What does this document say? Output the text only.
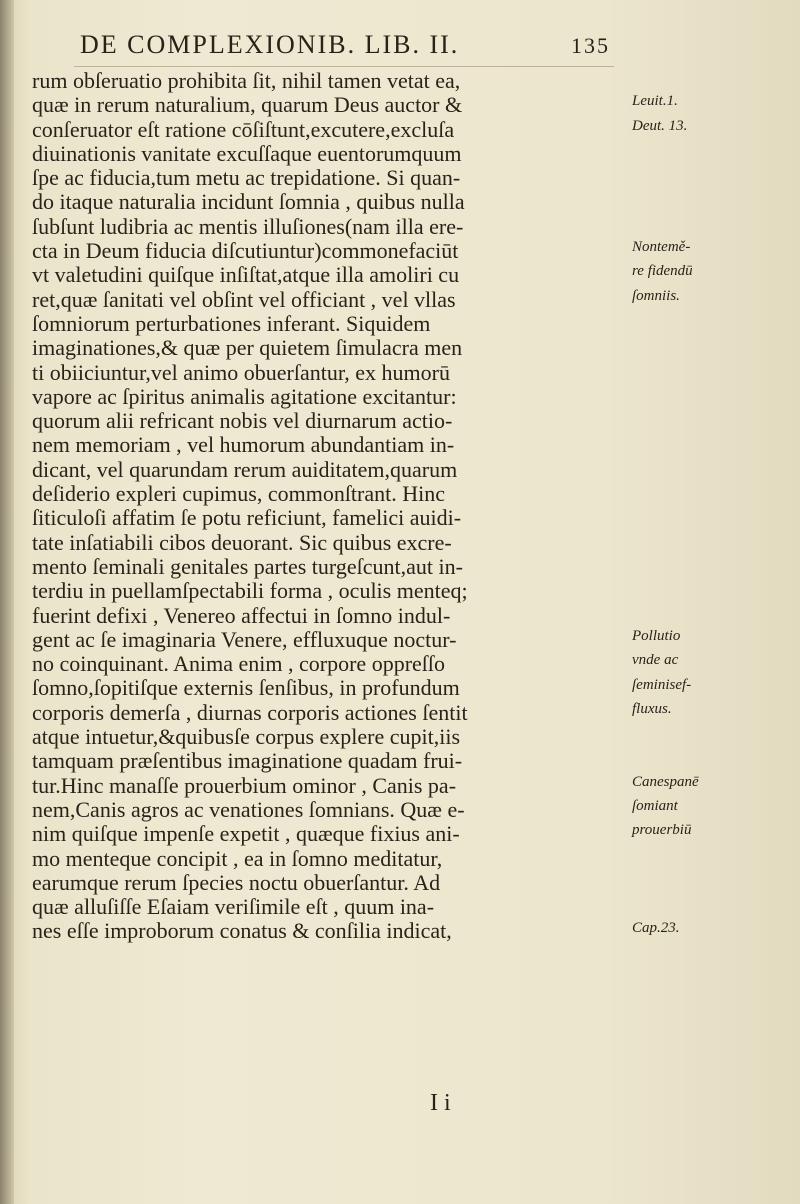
DE COMPLEXIONIB. LIB. II.	135
rum obſeruatio prohibita ſit, nihil tamen vetat ea,
quæ in rerum naturalium, quarum Deus auctor &
conſeruator eſt ratione cōſiſtunt,excutere,excluſa
diuinationis vanitate excuſſaque euentorumquum
ſpe ac fiducia,tum metu ac trepidatione. Si quan-
do itaque naturalia incidunt ſomnia , quibus nulla
ſubſunt ludibria ac mentis illuſiones(nam illa ere-
cta in Deum fiducia diſcutiuntur)commonefaciūt
vt valetudini quiſque inſiſtat,atque illa amoliri cu
ret,quæ ſanitati vel obſint vel officiant , vel vllas
ſomniorum perturbationes inferant. Siquidem
imaginationes,& quæ per quietem ſimulacra men
ti obiiciuntur,vel animo obuerſantur, ex humorū
vapore ac ſpiritus animalis agitatione excitantur:
quorum alii refricant nobis vel diurnarum actio-
nem memoriam , vel humorum abundantiam in-
dicant, vel quarundam rerum auiditatem,quarum
deſiderio expleri cupimus, commonſtrant. Hinc
ſiticuloſi affatim ſe potu reficiunt, famelici auidi-
tate inſatiabili cibos deuorant. Sic quibus excre-
mento ſeminali genitales partes turgeſcunt,aut in-
terdiu in puellamſpectabili forma , oculis menteq;
fuerint defixi , Venereo affectui in ſomno indul-
gent ac ſe imaginaria Venere, effluxuque noctur-
no coinquinant. Anima enim , corpore oppreſſo
ſomno,ſopitiſque externis ſenſibus, in profundum
corporis demerſa , diurnas corporis actiones ſentit
atque intuetur,&quibusſe corpus explere cupit,iis
tamquam præſentibus imaginatione quadam frui-
tur.Hinc manaſſe prouerbium ominor , Canis pa-
nem,Canis agros ac venationes ſomnians. Quæ e-
nim quiſque impenſe expetit , quæque fixius ani-
mo menteque concipit , ea in ſomno meditatur,
earumque rerum ſpecies noctu obuerſantur. Ad
quæ alluſiſſe Eſaiam veriſimile eſt , quum ina-
nes eſſe improborum conatus & conſilia indicat,
Leuit.1.
Deut. 13.
Nontemě-
re fidendū
ſomniis.
Pollutio
vnde ac
ſeminisef-
fluxus.
Canespanē
ſomiant
prouerbiū
Cap.23.
I i
